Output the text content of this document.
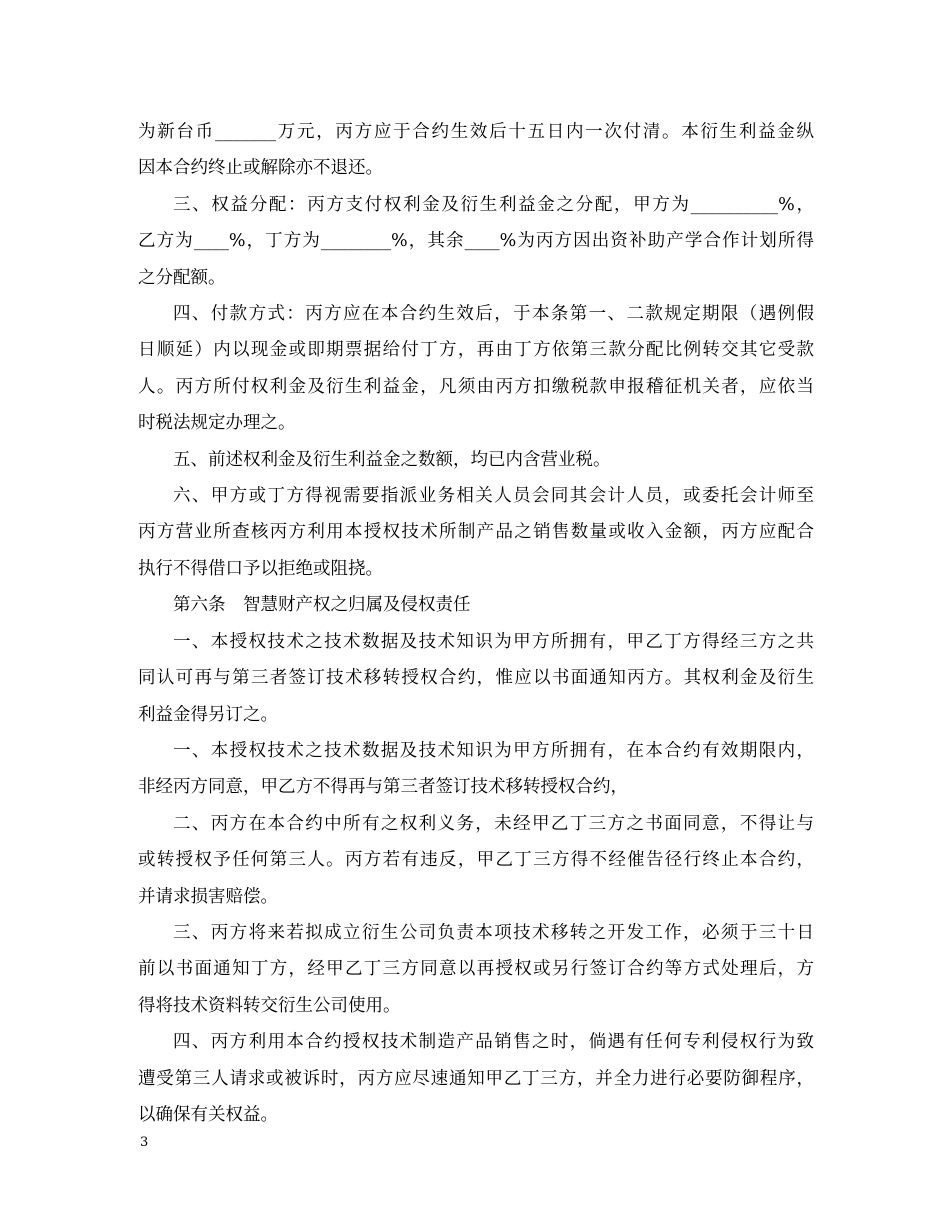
为新台币_______万元，丙方应于合约生效后十五日内一次付清。本衍生利益金纵
因本合约终止或解除亦不退还。

三、权益分配：丙方支付权利金及衍生利益金之分配，甲方为__________%，
乙方为____%，丁方为________%，其余____%为丙方因出资补助产学合作计划所得
之分配额。

四、付款方式：丙方应在本合约生效后，于本条第一、二款规定期限（遇例假
日顺延）内以现金或即期票据给付丁方，再由丁方依第三款分配比例转交其它受款
人。丙方所付权利金及衍生利益金，凡须由丙方扣缴税款申报稽征机关者，应依当
时税法规定办理之。

五、前述权利金及衍生利益金之数额，均已内含营业税。

六、甲方或丁方得视需要指派业务相关人员会同其会计人员，或委托会计师至
丙方营业所查核丙方利用本授权技术所制产品之销售数量或收入金额，丙方应配合
执行不得借口予以拒绝或阻挠。

第六条　智慧财产权之归属及侵权责任

一、本授权技术之技术数据及技术知识为甲方所拥有，甲乙丁方得经三方之共
同认可再与第三者签订技术移转授权合约，惟应以书面通知丙方。其权利金及衍生
利益金得另订之。

一、本授权技术之技术数据及技术知识为甲方所拥有，在本合约有效期限内，
非经丙方同意，甲乙方不得再与第三者签订技术移转授权合约，

二、丙方在本合约中所有之权利义务，未经甲乙丁三方之书面同意，不得让与
或转授权予任何第三人。丙方若有违反，甲乙丁三方得不经催告径行终止本合约，
并请求损害赔偿。

三、丙方将来若拟成立衍生公司负责本项技术移转之开发工作，必须于三十日
前以书面通知丁方，经甲乙丁三方同意以再授权或另行签订合约等方式处理后，方
得将技术资料转交衍生公司使用。

四、丙方利用本合约授权技术制造产品销售之时，倘遇有任何专利侵权行为致
遭受第三人请求或被诉时，丙方应尽速通知甲乙丁三方，并全力进行必要防御程序，
以确保有关权益。

3
